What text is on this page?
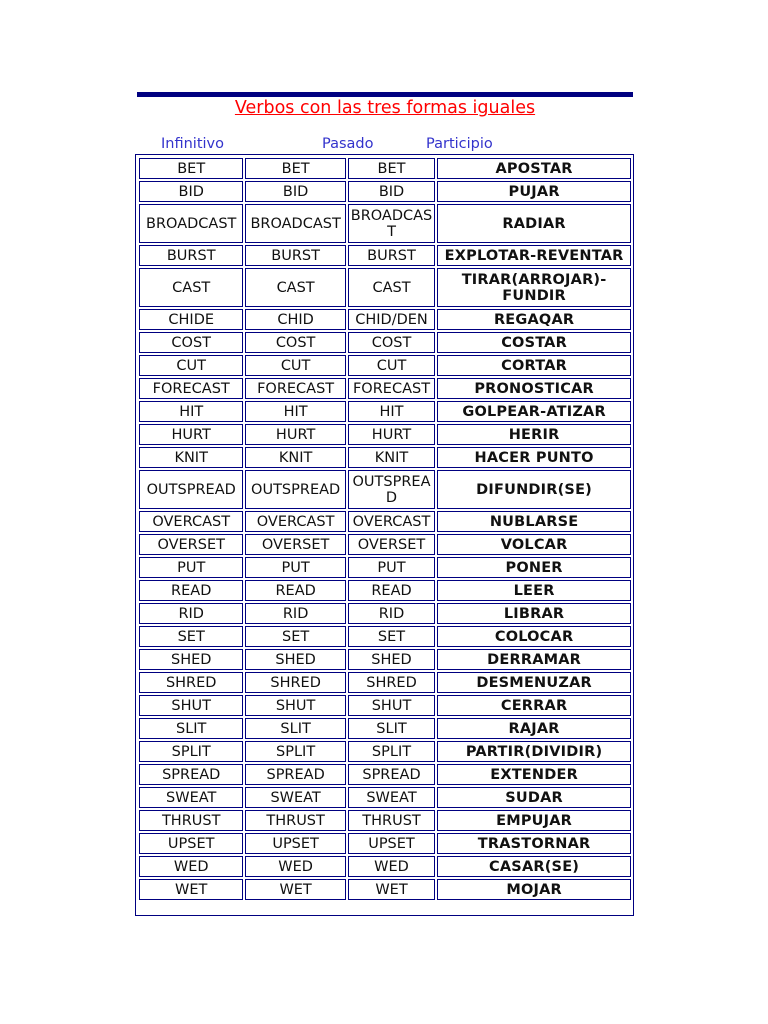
Verbos con las tres formas iguales
Infinitivo	Pasado	Participio
BET	BET	BET	APOSTAR
BID	BID	BID	PUJAR
BROADCAST	BROADCAST	BROADCAST	RADIAR
BURST	BURST	BURST	EXPLOTAR-REVENTAR
CAST	CAST	CAST	TIRAR(ARROJAR)-FUNDIR
CHIDE	CHID	CHID/DEN	REGAQAR
COST	COST	COST	COSTAR
CUT	CUT	CUT	CORTAR
FORECAST	FORECAST	FORECAST	PRONOSTICAR
HIT	HIT	HIT	GOLPEAR-ATIZAR
HURT	HURT	HURT	HERIR
KNIT	KNIT	KNIT	HACER PUNTO
OUTSPREAD	OUTSPREAD	OUTSPREAD	DIFUNDIR(SE)
OVERCAST	OVERCAST	OVERCAST	NUBLARSE
OVERSET	OVERSET	OVERSET	VOLCAR
PUT	PUT	PUT	PONER
READ	READ	READ	LEER
RID	RID	RID	LIBRAR
SET	SET	SET	COLOCAR
SHED	SHED	SHED	DERRAMAR
SHRED	SHRED	SHRED	DESMENUZAR
SHUT	SHUT	SHUT	CERRAR
SLIT	SLIT	SLIT	RAJAR
SPLIT	SPLIT	SPLIT	PARTIR(DIVIDIR)
SPREAD	SPREAD	SPREAD	EXTENDER
SWEAT	SWEAT	SWEAT	SUDAR
THRUST	THRUST	THRUST	EMPUJAR
UPSET	UPSET	UPSET	TRASTORNAR
WED	WED	WED	CASAR(SE)
WET	WET	WET	MOJAR
